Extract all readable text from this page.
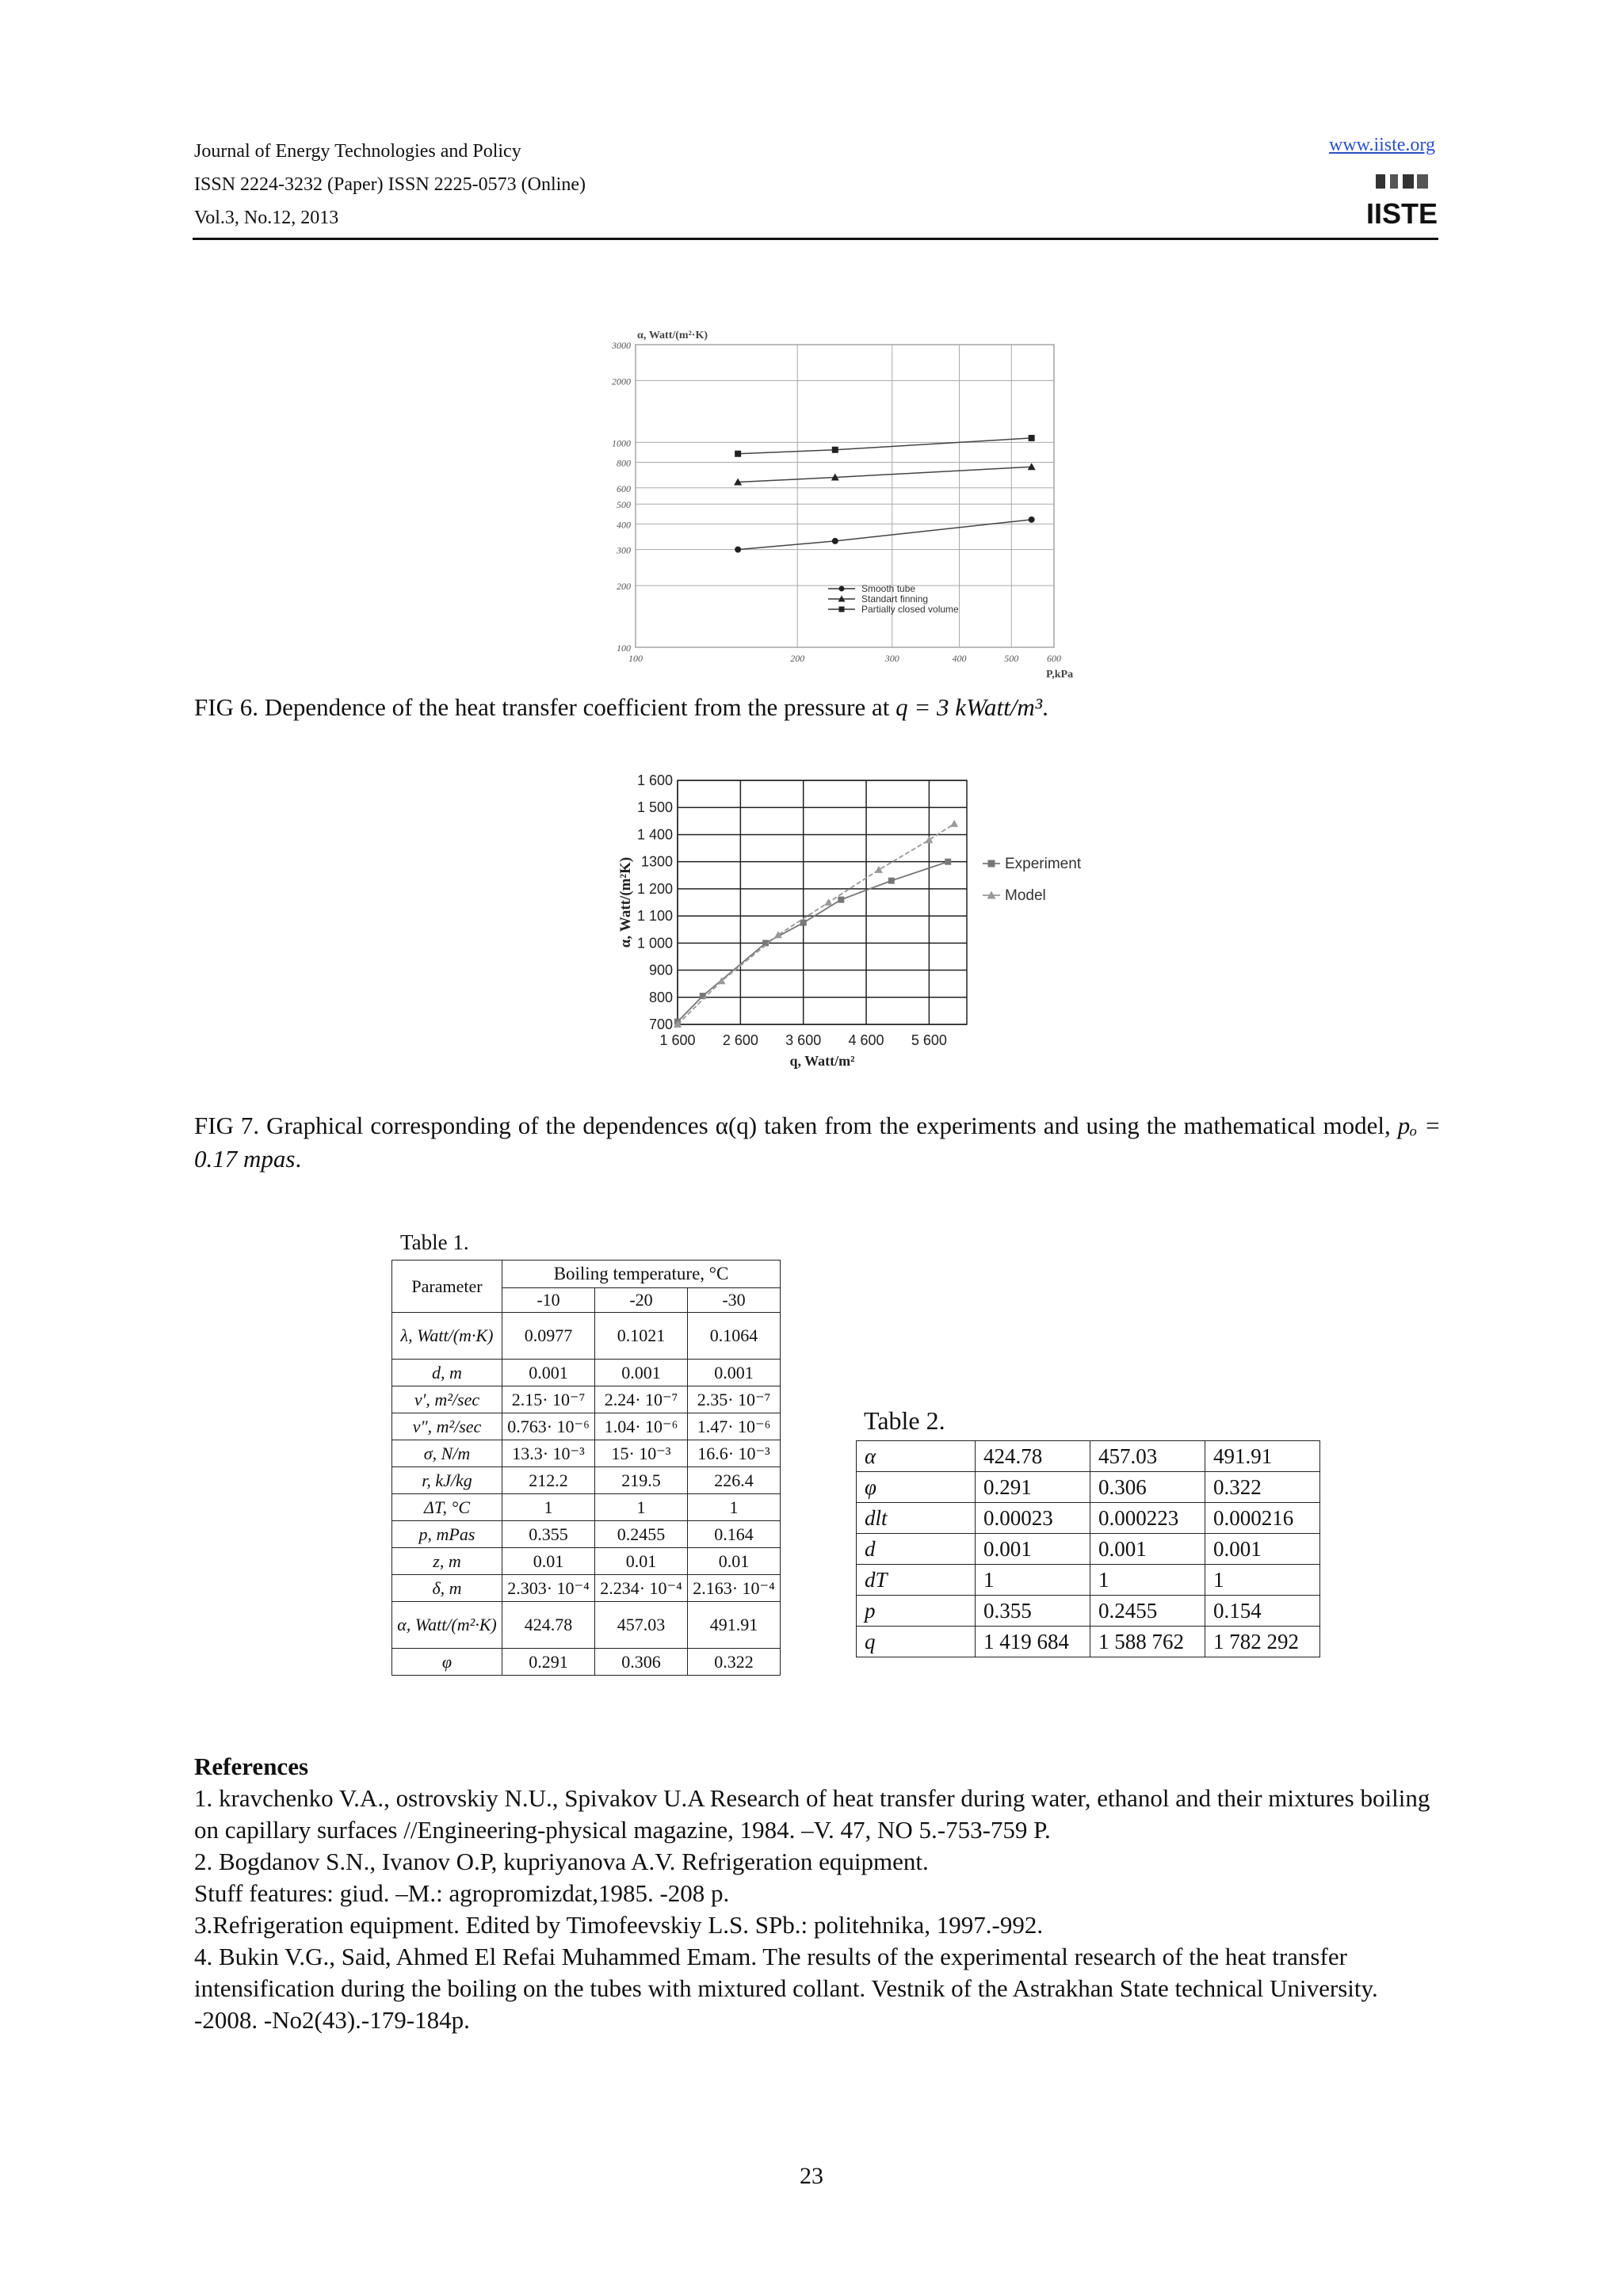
Journal of Energy Technologies and Policy
ISSN 2224-3232 (Paper) ISSN 2225-0573 (Online)
Vol.3, No.12, 2013
www.iiste.org
IISTE
100
200
300
400
500
600
800
1000
2000
3000
100	200	300	400	500	600
α, Watt/(m²·K)
P,kPa
Smooth tube
Standart finning
Partially closed volume
FIG 6. Dependence of the heat transfer coefficient from the pressure at q = 3 kWatt/m³.
700
800
900
1 000
1 100
1 200
1300
1 400
1 500
1 600
1 600 2 600 3 600 4 600 5 600
q, Watt/m²
α, Watt/(m²K)	Experiment
Model
FIG 7. Graphical corresponding of the dependences α(q) taken from the experiments and using the mathematical model, pₒ = 0.17 mpas.
Table 1.
Parameter	Boiling temperature, °C		
	-10	-20	-30
λ, Watt/(m·K)	0.0977	0.1021	0.1064
d, m	0.001	0.001	0.001
v′, m²/sec	2.15· 10⁻⁷	2.24· 10⁻⁷	2.35· 10⁻⁷
v″, m²/sec	0.763· 10⁻⁶	1.04· 10⁻⁶	1.47· 10⁻⁶
σ, N/m	13.3· 10⁻³	15· 10⁻³	16.6· 10⁻³
r, kJ/kg	212.2	219.5	226.4
ΔT, °C	1	1	1
p, mPas	0.355	0.2455	0.164
z, m	0.01	0.01	0.01
δ, m	2.303· 10⁻⁴	2.234· 10⁻⁴	2.163· 10⁻⁴
α, Watt/(m²·K)	424.78	457.03	491.91
φ	0.291	0.306	0.322
Table 2.
α	424.78	457.03	491.91
φ	0.291	0.306	0.322
dlt	0.00023	0.000223	0.000216
d	0.001	0.001	0.001
dT	1	1	1
p	0.355	0.2455	0.154
q	1 419 684	1 588 762	1 782 292
References
1. kravchenko V.A., ostrovskiy N.U., Spivakov U.A Research of heat transfer during water, ethanol and their mixtures boiling on capillary surfaces //Engineering-physical magazine, 1984. –V. 47, NO 5.-753-759 P.
2. Bogdanov S.N., Ivanov O.P, kupriyanova A.V. Refrigeration equipment.
Stuff features: giud. –M.: agropromizdat,1985. -208 p.
3.Refrigeration equipment. Edited by Timofeevskiy L.S. SPb.: politehnika, 1997.-992.
4. Bukin V.G., Said, Ahmed El Refai Muhammed Emam. The results of the experimental research of the heat transfer intensification during the boiling on the tubes with mixtured collant. Vestnik of the Astrakhan State technical University. -2008. -No2(43).-179-184p.
23
